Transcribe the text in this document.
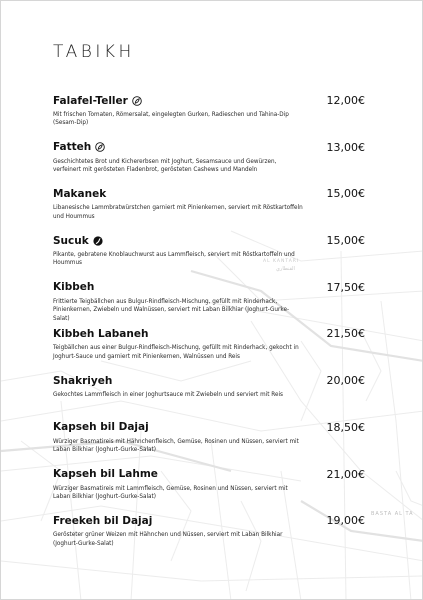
TABIKH
Falafel-Teller	12,00€
Mit frischen Tomaten, Römersalat, eingelegten Gurken, Radieschen und Tahina-Dip (Sesam-Dip)
Fatteh	13,00€
Geschichtetes Brot und Kichererbsen mit Joghurt, Sesamsauce und Gewürzen, verfeinert mit gerösteten Fladenbrot, gerösteten Cashews und Mandeln
Makanek	15,00€
Libanesische Lammbratwürstchen garniert mit Pinienkernen, serviert mit Röstkartoffeln und Hoummus
Sucuk	15,00€
Pikante, gebratene Knoblauchwurst aus Lammfleisch, serviert mit Röstkartoffeln und Hoummus
Kibbeh	17,50€
Frittierte Teigbällchen aus Bulgur-Rindfleisch-Mischung, gefüllt mit Rinderhack, Pinienkernen, Zwiebeln und Walnüssen, serviert mit Laban Bilkhiar (Joghurt-Gurke-Salat)
Kibbeh Labaneh	21,50€
Teigbällchen aus einer Bulgur-Rindfleisch-Mischung, gefüllt mit Rinderhack, gekocht in Joghurt-Sauce und garniert mit Pinienkernen, Walnüssen und Reis
Shakriyeh	20,00€
Gekochtes Lammfleisch in einer Joghurtsauce mit Zwiebeln und serviert mit Reis
Kapseh bil Dajaj	18,50€
Würziger Basmatireis mit Hähnchenfleisch, Gemüse, Rosinen und Nüssen, serviert mit Laban Bilkhiar (Joghurt-Gurke-Salat)
Kapseh bil Lahme	21,00€
Würziger Basmatireis mit Lammfleisch, Gemüse, Rosinen und Nüssen, serviert mit Laban Bilkhiar (Joghurt-Gurke-Salat)
Freekeh bil Dajaj	19,00€
Gerösteter grüner Weizen mit Hähnchen und Nüssen, serviert mit Laban Bilkhiar (Joghurt-Gurke-Salat)
AL KANTARI
القنطاري
BASTA AL TA
